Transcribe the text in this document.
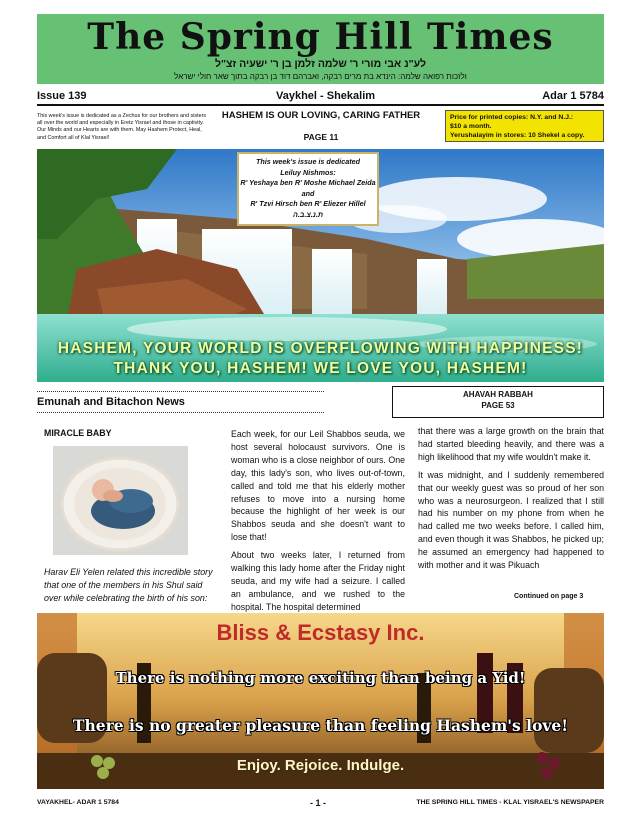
The Spring Hill Times
לע"נ אבי מורי ר' שלמה זלמן בן ר' ישעיה זצ"ל
ולזכות רפואה שלמה: הינדא בת מרים רבקה, ואברהם דוד בן רבקה בתוך שאר חולי ישראל
Issue 139	Vaykhel - Shekalim	Adar 1 5784
This week's issue is dedicated as a Zechus for our brothers and sisters all over the world and especially in Eretz Yisrael and those in captivity. Our Minds and our Hearts are with them. May Hashem Protect, Heal, and Comfort all of Klal Yisrael!
HASHEM IS OUR LOVING, CARING FATHER
PAGE 11
Price for printed copies: N.Y. and N.J.:
$10 a month.
Yerushalayim in stores: 10 Shekel a copy.
This week's issue is dedicated
Leiluy Nishmos:
R' Yeshaya ben R' Moshe Michael Zeida
and
R' Tzvi Hirsch ben R' Eliezer Hillel
ת.נ.צ.ב.ה
HASHEM, YOUR WORLD IS OVERFLOWING WITH HAPPINESS!
THANK YOU, HASHEM! WE LOVE YOU, HASHEM!
Emunah and Bitachon News
AHAVAH RABBAH
PAGE 53
MIRACLE BABY
Harav Eli Yelen related this incredible story that one of the members in his Shul said over while celebrating the birth of his son:

Each week, for our Leil Shabbos seuda, we host several holocaust survivors. One is woman who is a close neighbor of ours. One day, this lady's son, who lives out-of-town, called and told me that his elderly mother refuses to move into a nursing home because the highlight of her week is our Shabbos seuda and she doesn't want to lose that!

About two weeks later, I returned from walking this lady home after the Friday night seuda, and my wife had a seizure. I called an ambulance, and we rushed to the hospital. The hospital determined

that there was a large growth on the brain that had started bleeding heavily, and there was a high likelihood that my wife wouldn't make it.

It was midnight, and I suddenly remembered that our weekly guest was so proud of her son who was a neurosurgeon. I realized that I still had his number on my phone from when he had called me two weeks before. I called him, and even though it was Shabbos, he picked up; he assumed an emergency had happened to with mother and it was Pikuach

Continued on page 3
Bliss & Ecstasy Inc.
There is nothing more exciting than being a Yid!
There is no greater pleasure than feeling Hashem's love!
Enjoy. Rejoice. Indulge.
VAYAKHEL- ADAR 1 5784	- 1 -	THE SPRING HILL TIMES - KLAL YISRAEL'S NEWSPAPER
